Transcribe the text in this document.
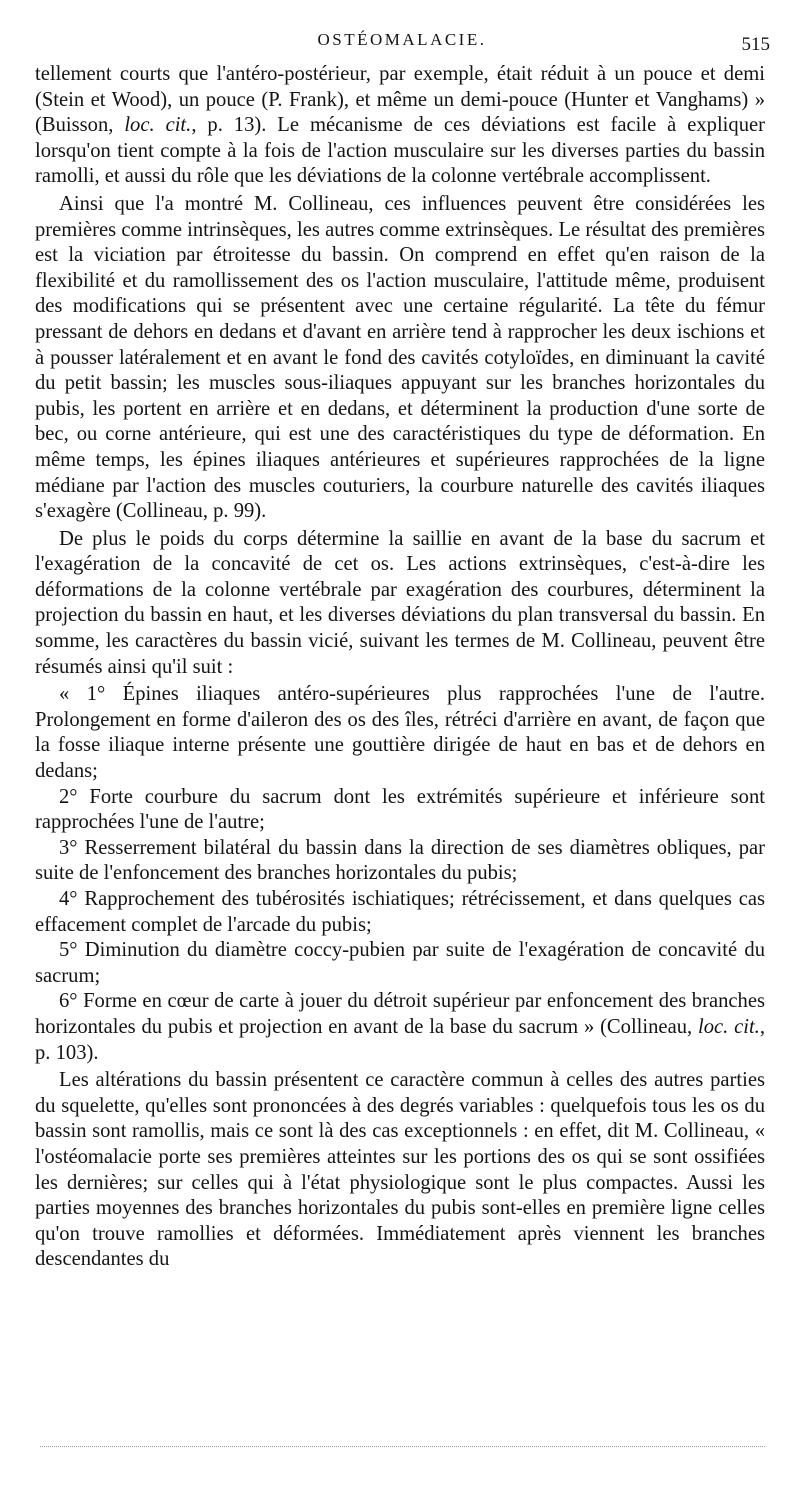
OSTÉOMALACIE.	515

tellement courts que l'antéro-postérieur, par exemple, était réduit à un pouce et demi (Stein et Wood), un pouce (P. Frank), et même un demi-pouce (Hunter et Vanghams) » (Buisson, loc. cit., p. 13). Le mécanisme de ces déviations est facile à expliquer lorsqu'on tient compte à la fois de l'action musculaire sur les diverses parties du bassin ramolli, et aussi du rôle que les déviations de la colonne vertébrale accomplissent.

Ainsi que l'a montré M. Collineau, ces influences peuvent être considérées les premières comme intrinsèques, les autres comme extrinsèques. Le résultat des premières est la viciation par étroitesse du bassin. On comprend en effet qu'en raison de la flexibilité et du ramollissement des os l'action musculaire, l'attitude même, produisent des modifications qui se présentent avec une certaine régularité. La tête du fémur pressant de dehors en dedans et d'avant en arrière tend à rapprocher les deux ischions et à pousser latéralement et en avant le fond des cavités cotyloïdes, en diminuant la cavité du petit bassin; les muscles sous-iliaques appuyant sur les branches horizontales du pubis, les portent en arrière et en dedans, et déterminent la production d'une sorte de bec, ou corne antérieure, qui est une des caractéristiques du type de déformation. En même temps, les épines iliaques antérieures et supérieures rapprochées de la ligne médiane par l'action des muscles couturiers, la courbure naturelle des cavités iliaques s'exagère (Collineau, p. 99).

De plus le poids du corps détermine la saillie en avant de la base du sacrum et l'exagération de la concavité de cet os. Les actions extrinsèques, c'est-à-dire les déformations de la colonne vertébrale par exagération des courbures, déterminent la projection du bassin en haut, et les diverses déviations du plan transversal du bassin. En somme, les caractères du bassin vicié, suivant les termes de M. Collineau, peuvent être résumés ainsi qu'il suit :

« 1° Épines iliaques antéro-supérieures plus rapprochées l'une de l'autre. Prolongement en forme d'aileron des os des îles, rétréci d'arrière en avant, de façon que la fosse iliaque interne présente une gouttière dirigée de haut en bas et de dehors en dedans;

2° Forte courbure du sacrum dont les extrémités supérieure et inférieure sont rapprochées l'une de l'autre;

3° Resserrement bilatéral du bassin dans la direction de ses diamètres obliques, par suite de l'enfoncement des branches horizontales du pubis;

4° Rapprochement des tubérosités ischiatiques; rétrécissement, et dans quelques cas effacement complet de l'arcade du pubis;

5° Diminution du diamètre coccy-pubien par suite de l'exagération de concavité du sacrum;

6° Forme en cœur de carte à jouer du détroit supérieur par enfoncement des branches horizontales du pubis et projection en avant de la base du sacrum » (Collineau, loc. cit., p. 103).

Les altérations du bassin présentent ce caractère commun à celles des autres parties du squelette, qu'elles sont prononcées à des degrés variables : quelquefois tous les os du bassin sont ramollis, mais ce sont là des cas exceptionnels : en effet, dit M. Collineau, « l'ostéomalacie porte ses premières atteintes sur les portions des os qui se sont ossifiées les dernières; sur celles qui à l'état physiologique sont le plus compactes. Aussi les parties moyennes des branches horizontales du pubis sont-elles en première ligne celles qu'on trouve ramollies et déformées. Immédiatement après viennent les branches descendantes du
